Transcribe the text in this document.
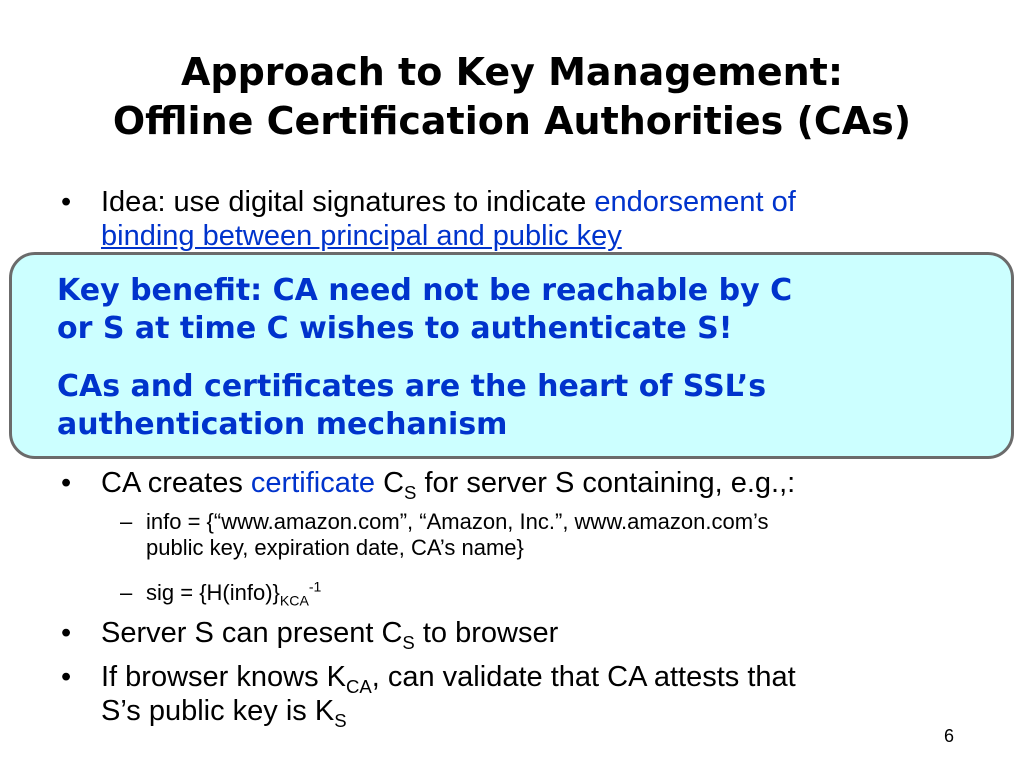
Approach to Key Management:
Offline Certification Authorities (CAs)
• Idea: use digital signatures to indicate endorsement of
binding between principal and public key
• CA creates certificate $C_S$ for server S containing, e.g.,:
– info = {“www.amazon.com”, “Amazon, Inc.”, www.amazon.com’s
public key, expiration date, CA’s name}
– sig = $\{H(info)\}_{KCA}^{-1}$
• Server S can present $C_S$ to browser
• If browser knows $K_{CA}$, can validate that CA attests that
S’s public key is $K_S$

Key benefit: CA need not be reachable by C

or S at time C wishes to authenticate S!

CAs and certificates are the heart of SSL’s

authentication mechanism

6
